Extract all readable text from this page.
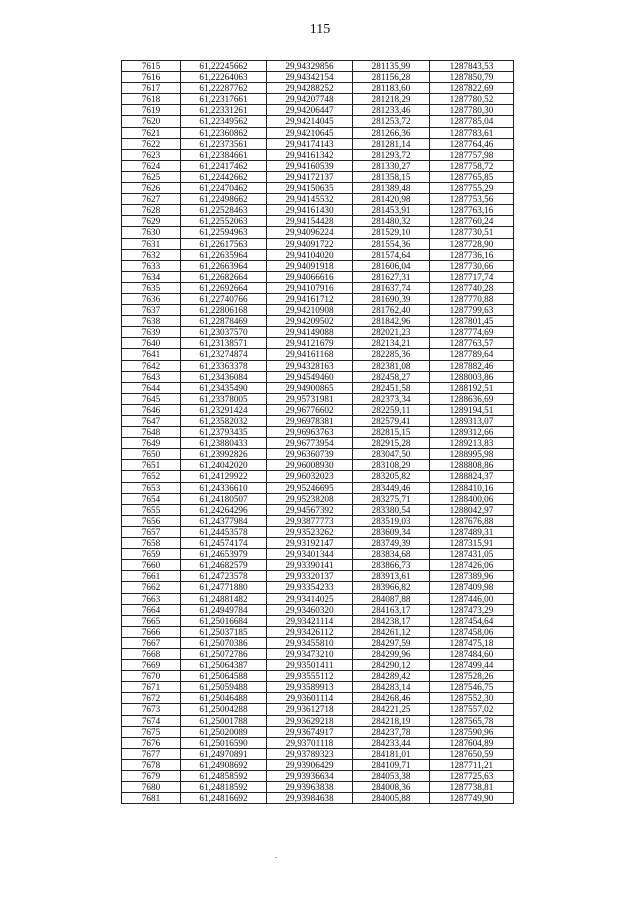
115
7615	61,22245662	29,94329856	281135,99	1287843,53
7616	61,22264063	29,94342154	281156,28	1287850,79
7617	61,22287762	29,94288252	281183,60	1287822,69
7618	61,22317661	29,94207748	281218,29	1287780,52
7619	61,22331261	29,94206447	281233,46	1287780,30
7620	61,22349562	29,94214045	281253,72	1287785,04
7621	61,22360862	29,94210645	281266,36	1287783,61
7622	61,22373561	29,94174143	281281,14	1287764,46
7623	61,22384661	29,94161342	281293,72	1287757,98
7624	61,22417462	29,94160539	281330,27	1287758,72
7625	61,22442662	29,94172137	281358,15	1287765,85
7626	61,22470462	29,94150635	281389,48	1287755,29
7627	61,22498662	29,94145532	281420,98	1287753,56
7628	61,22528463	29,94161430	281453,91	1287763,16
7629	61,22552063	29,94154428	281480,32	1287760,24
7630	61,22594963	29,94096224	281529,10	1287730,51
7631	61,22617563	29,94091722	281554,36	1287728,90
7632	61,22635964	29,94104020	281574,64	1287736,16
7633	61,22663964	29,94091918	281606,04	1287730,66
7634	61,22682664	29,94066616	281627,31	1287717,74
7635	61,22692664	29,94107916	281637,74	1287740,28
7636	61,22740766	29,94161712	281690,39	1287770,88
7637	61,22806168	29,94210908	281762,40	1287799,63
7638	61,22878469	29,94209502	281842,96	1287801,45
7639	61,23037570	29,94149088	282021,23	1287774,69
7640	61,23138571	29,94121679	282134,21	1287763,57
7641	61,23274874	29,94161168	282285,36	1287789,64
7642	61,23363378	29,94328163	282381,08	1287882,46
7643	61,23436084	29,94549460	282458,27	1288003,86
7644	61,23435490	29,94900865	282451,58	1288192,51
7645	61,23378005	29,95731981	282373,34	1288636,69
7646	61,23291424	29,96776602	282259,11	1289194,51
7647	61,23582032	29,96978381	282579,41	1289313,07
7648	61,23793435	29,96963763	282815,15	1289312,66
7649	61,23880433	29,96773954	282915,28	1289213,83
7650	61,23992826	29,96360739	283047,50	1288995,98
7651	61,24042020	29,96008930	283108,29	1288808,86
7652	61,24129922	29,96032023	283205,82	1288824,37
7653	61,24336610	29,95246695	283449,46	1288410,16
7654	61,24180507	29,95238208	283275,71	1288400,06
7655	61,24264296	29,94567392	283380,54	1288042,97
7656	61,24377984	29,93877773	283519,03	1287676,88
7657	61,24453578	29,93523262	283609,34	1287489,31
7658	61,24574174	29,93192147	283749,39	1287315,91
7659	61,24653979	29,93401344	283834,68	1287431,05
7660	61,24682579	29,93390141	283866,73	1287426,06
7661	61,24723578	29,93320137	283913,61	1287389,96
7662	61,24771880	29,93354233	283966,82	1287409,98
7663	61,24881482	29,93414025	284087,88	1287446,00
7664	61,24949784	29,93460320	284163,17	1287473,29
7665	61,25016684	29,93421114	284238,17	1287454,64
7666	61,25037185	29,93426112	284261,12	1287458,06
7667	61,25070386	29,93455810	284297,59	1287475,18
7668	61,25072786	29,93473210	284299,96	1287484,60
7669	61,25064387	29,93501411	284290,12	1287499,44
7670	61,25064588	29,93555112	284289,42	1287528,26
7671	61,25059488	29,93589913	284283,14	1287546,75
7672	61,25046488	29,93601114	284268,46	1287552,30
7673	61,25004288	29,93612718	284221,25	1287557,02
7674	61,25001788	29,93629218	284218,19	1287565,78
7675	61,25020089	29,93674917	284237,78	1287590,96
7676	61,25016590	29,93701118	284233,44	1287604,89
7677	61,24970891	29,93789323	284181,01	1287650,59
7678	61,24908692	29,93906429	284109,71	1287711,21
7679	61,24858592	29,93936634	284053,38	1287725,63
7680	61,24818592	29,93963838	284008,36	1287738,81
7681	61,24816692	29,93984638	284005,88	1287749,90
.
